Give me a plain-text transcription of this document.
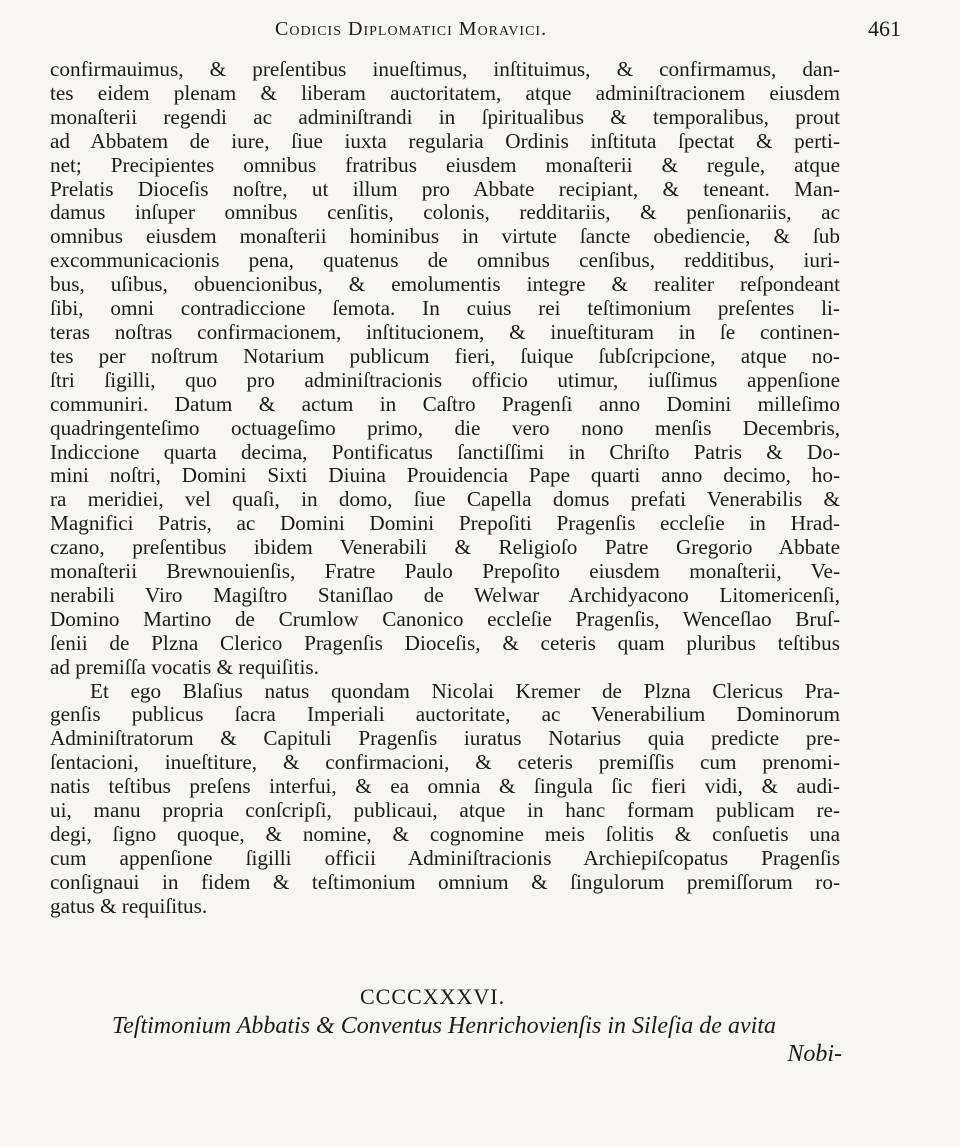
Codicis Diplomatici Moravici.	461
confirmauimus, & preſentibus inueſtimus, inſtituimus, & confirmamus, dan-
tes eidem plenam & liberam auctoritatem, atque adminiſtracionem eiusdem
monaſterii regendi ac adminiſtrandi in ſpiritualibus & temporalibus, prout
ad Abbatem de iure, ſiue iuxta regularia Ordinis inſtituta ſpectat & perti-
net; Precipientes omnibus fratribus eiusdem monaſterii & regule, atque
Prelatis Dioceſis noſtre, ut illum pro Abbate recipiant, & teneant. Man-
damus inſuper omnibus cenſitis, colonis, redditariis, & penſionariis, ac
omnibus eiusdem monaſterii hominibus in virtute ſancte obediencie, & ſub
excommunicacionis pena, quatenus de omnibus cenſibus, redditibus, iuri-
bus, uſibus, obuencionibus, & emolumentis integre & realiter reſpondeant
ſibi, omni contradiccione ſemota. In cuius rei teſtimonium preſentes li-
teras noſtras confirmacionem, inſtitucionem, & inueſtituram in ſe continen-
tes per noſtrum Notarium publicum fieri, ſuique ſubſcripcione, atque no-
ſtri ſigilli, quo pro adminiſtracionis officio utimur, iuſſimus appenſione
communiri. Datum & actum in Caſtro Pragenſi anno Domini milleſimo
quadringenteſimo octuageſimo primo, die vero nono menſis Decembris,
Indiccione quarta decima, Pontificatus ſanctiſſimi in Chriſto Patris & Do-
mini noſtri, Domini Sixti Diuina Prouidencia Pape quarti anno decimo, ho-
ra meridiei, vel quaſi, in domo, ſiue Capella domus prefati Venerabilis &
Magnifici Patris, ac Domini Domini Prepoſiti Pragenſis eccleſie in Hrad-
czano, preſentibus ibidem Venerabili & Religioſo Patre Gregorio Abbate
monaſterii Brewnouienſis, Fratre Paulo Prepoſito eiusdem monaſterii, Ve-
nerabili Viro Magiſtro Staniſlao de Welwar Archidyacono Litomericenſi,
Domino Martino de Crumlow Canonico eccleſie Pragenſis, Wenceſlao Bruſ-
ſenii de Plzna Clerico Pragenſis Dioceſis, & ceteris quam pluribus teſtibus
ad premiſſa vocatis & requiſitis.
Et ego Blaſius natus quondam Nicolai Kremer de Plzna Clericus Pra-
genſis publicus ſacra Imperiali auctoritate, ac Venerabilium Dominorum
Adminiſtratorum & Capituli Pragenſis iuratus Notarius quia predicte pre-
ſentacioni, inueſtiture, & confirmacioni, & ceteris premiſſis cum prenomi-
natis teſtibus preſens interfui, & ea omnia & ſingula ſic fieri vidi, & audi-
ui, manu propria conſcripſi, publicaui, atque in hanc formam publicam re-
degi, ſigno quoque, & nomine, & cognomine meis ſolitis & conſuetis una
cum appenſione ſigilli officii Adminiſtracionis Archiepiſcopatus Pragenſis
conſignaui in fidem & teſtimonium omnium & ſingulorum premiſſorum ro-
gatus & requiſitus.
CCCCXXXVI.
Teſtimonium Abbatis & Conventus Henrichovienſis in Sileſia de avita
Nobi-
